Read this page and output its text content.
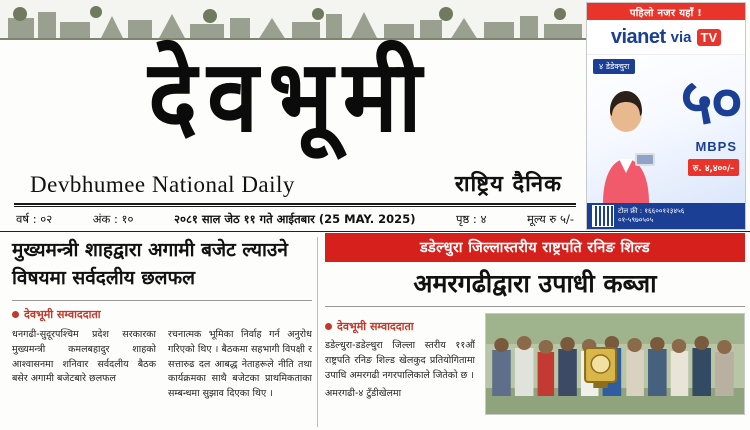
देवभूमी
Devbhumee National Daily	राष्ट्रिय दैनिक
वर्ष : ०२	अंक : १०	२०८१ साल जेठ ११ गते आईतबार (25 MAY. 2025)	पृष्ठ : ४	मूल्य रु ५/-
पहिलो नजर यहाँ !
vianet via TV
४ डेडेक्चुरा ५०
MBPS
रु. ४,४००/-
टोल फ्री : १६६००१२३४५६
०१-५९७०५०५
मुख्यमन्त्री शाहद्वारा अगामी बजेट ल्याउने विषयमा सर्वदलीय छलफल
देवभूमी सम्वाददाता

धनगढी-सुदूरपश्चिम प्रदेश सरकारका मुख्यमन्त्री कमलबहादुर शाहको आश्वासनमा शनिवार सर्वदलीय बैठक बसेर अगामी बजेटबारे छलफल

रचनात्मक भूमिका निर्वाह गर्न अनुरोध गरिएको थिए । बैठकमा सहभागी विपक्षी र सत्तारुढ दल आबद्ध नेताहरूले नीति तथा कार्यक्रमका साथै बजेटका प्राथमिकताका सम्बन्धमा सुझाव दिएका थिए ।

डडेल्धुरा जिल्लास्तरीय राष्ट्रपति रनिङ शिल्ड
अमरगढीद्वारा उपाधी कब्जा
देवभूमी सम्वाददाता

डडेल्धुरा-डडेल्धुरा जिल्ला स्तरीय ११औं राष्ट्रपति रनिङ शिल्ड खेलकुद प्रतियोगितामा उपाधि अमरगढी नगरपालिकाले जितेको छ ।

अमरगढी-४ टुँडीखेलमा
